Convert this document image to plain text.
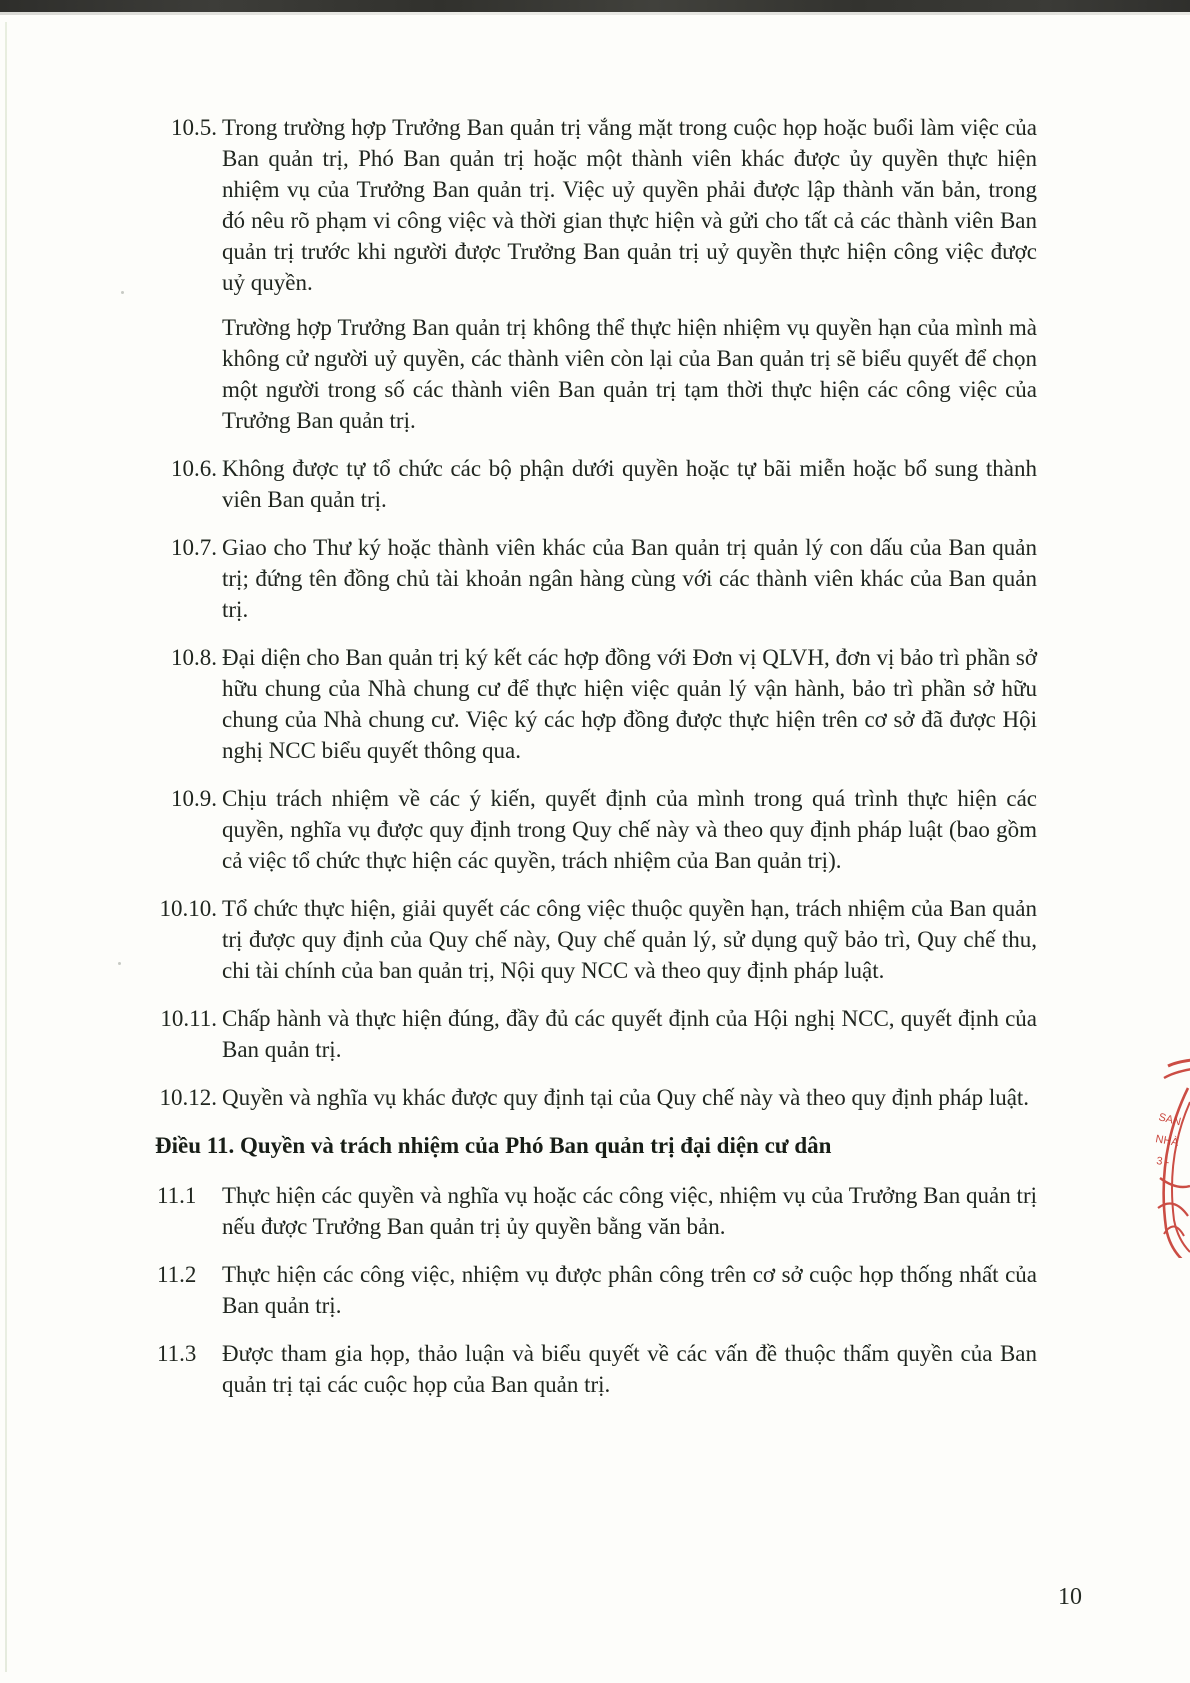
10.5. Trong trường hợp Trưởng Ban quản trị vắng mặt trong cuộc họp hoặc buổi làm việc của Ban quản trị, Phó Ban quản trị hoặc một thành viên khác được ủy quyền thực hiện nhiệm vụ của Trưởng Ban quản trị. Việc uỷ quyền phải được lập thành văn bản, trong đó nêu rõ phạm vi công việc và thời gian thực hiện và gửi cho tất cả các thành viên Ban quản trị trước khi người được Trưởng Ban quản trị uỷ quyền thực hiện công việc được uỷ quyền.

Trường hợp Trưởng Ban quản trị không thể thực hiện nhiệm vụ quyền hạn của mình mà không cử người uỷ quyền, các thành viên còn lại của Ban quản trị sẽ biểu quyết để chọn một người trong số các thành viên Ban quản trị tạm thời thực hiện các công việc của Trưởng Ban quản trị.

10.6. Không được tự tổ chức các bộ phận dưới quyền hoặc tự bãi miễn hoặc bổ sung thành viên Ban quản trị.

10.7. Giao cho Thư ký hoặc thành viên khác của Ban quản trị quản lý con dấu của Ban quản trị; đứng tên đồng chủ tài khoản ngân hàng cùng với các thành viên khác của Ban quản trị.

10.8. Đại diện cho Ban quản trị ký kết các hợp đồng với Đơn vị QLVH, đơn vị bảo trì phần sở hữu chung của Nhà chung cư để thực hiện việc quản lý vận hành, bảo trì phần sở hữu chung của Nhà chung cư. Việc ký các hợp đồng được thực hiện trên cơ sở đã được Hội nghị NCC biểu quyết thông qua.

10.9. Chịu trách nhiệm về các ý kiến, quyết định của mình trong quá trình thực hiện các quyền, nghĩa vụ được quy định trong Quy chế này và theo quy định pháp luật (bao gồm cả việc tổ chức thực hiện các quyền, trách nhiệm của Ban quản trị).

10.10. Tổ chức thực hiện, giải quyết các công việc thuộc quyền hạn, trách nhiệm của Ban quản trị được quy định của Quy chế này, Quy chế quản lý, sử dụng quỹ bảo trì, Quy chế thu, chi tài chính của ban quản trị, Nội quy NCC và theo quy định pháp luật.

10.11. Chấp hành và thực hiện đúng, đầy đủ các quyết định của Hội nghị NCC, quyết định của Ban quản trị.

10.12. Quyền và nghĩa vụ khác được quy định tại của Quy chế này và theo quy định pháp luật.

Điều 11. Quyền và trách nhiệm của Phó Ban quản trị đại diện cư dân
11.1 Thực hiện các quyền và nghĩa vụ hoặc các công việc, nhiệm vụ của Trưởng Ban quản trị nếu được Trưởng Ban quản trị ủy quyền bằng văn bản.

11.2 Thực hiện các công việc, nhiệm vụ được phân công trên cơ sở cuộc họp thống nhất của Ban quản trị.

11.3 Được tham gia họp, thảo luận và biểu quyết về các vấn đề thuộc thẩm quyền của Ban quản trị tại các cuộc họp của Ban quản trị.

10
SAN
NHÀ
3 -
